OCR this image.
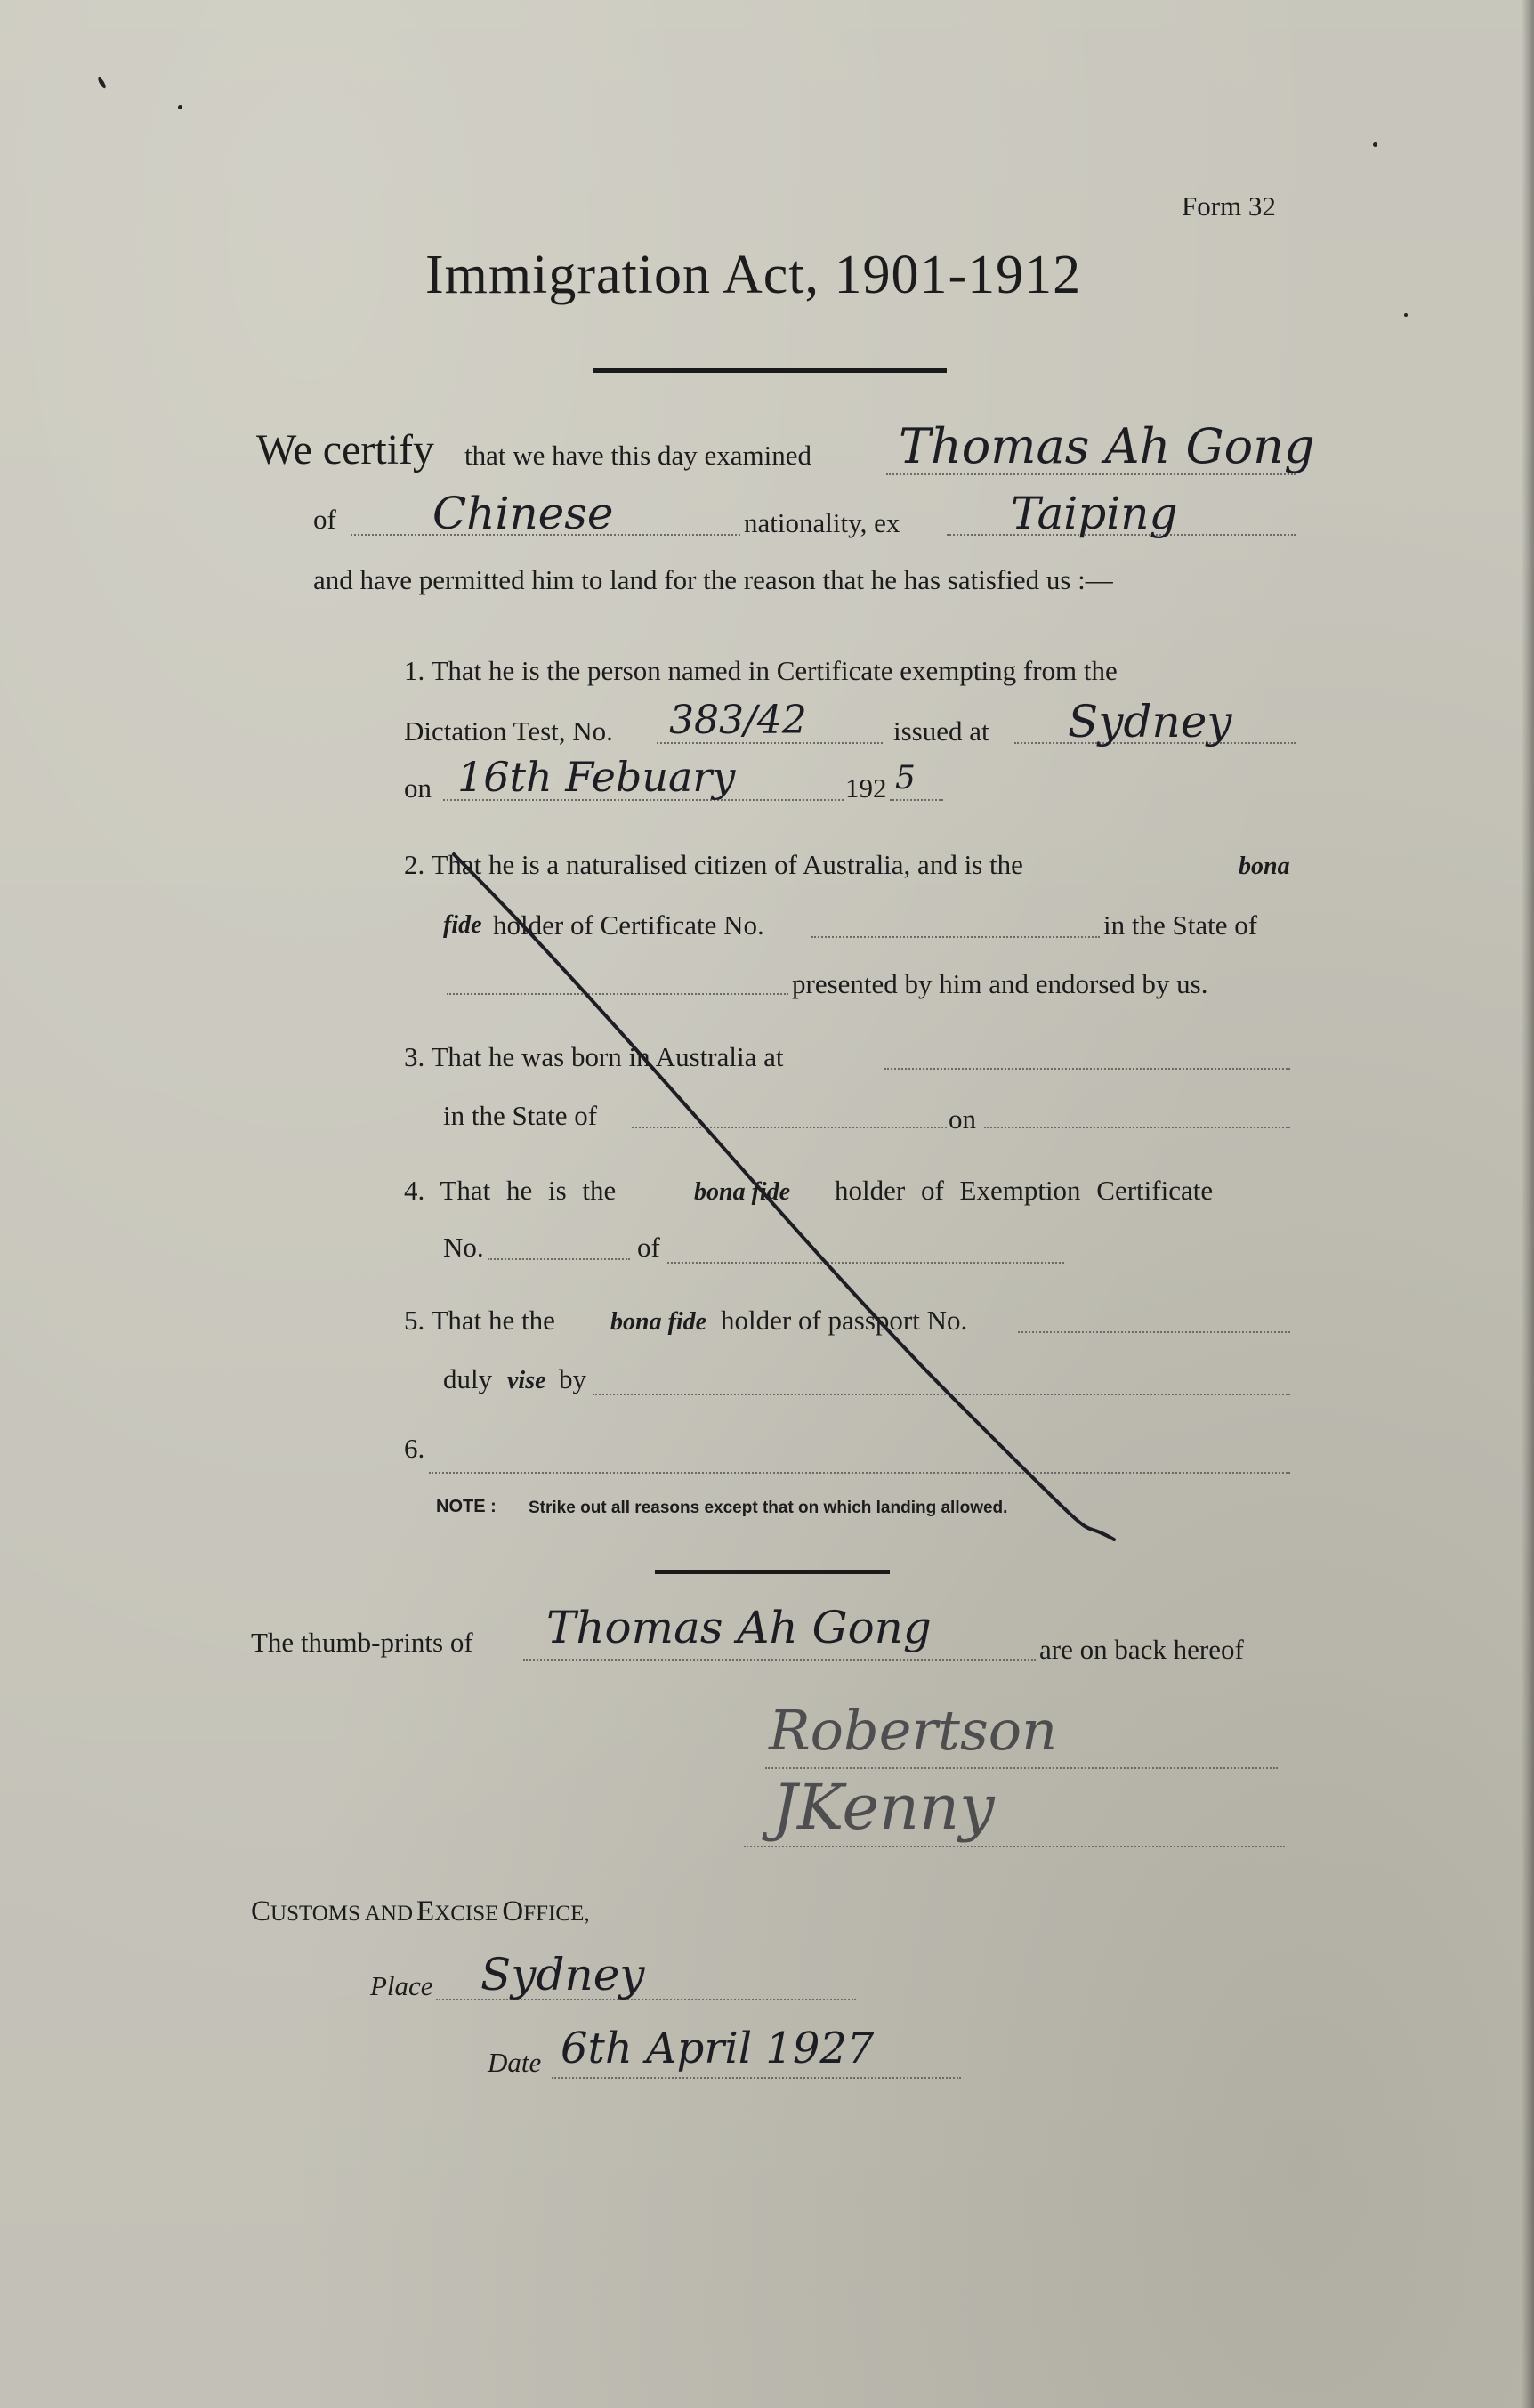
Form 32
Immigration Act, 1901-1912
We certify that we have this day examined Thomas Ah Gong
of Chinese	nationality, ex Taiping
and have permitted him to land for the reason that he has satisfied us :—
1. That he is the person named in Certificate exempting from the
Dictation Test, No. 383/42	issued at Sydney
on 16th Febuary	192 5
2. That he is a naturalised citizen of Australia, and is the	bona
fide holder of Certificate No.	in the State of
presented by him and endorsed by us.
3. That he was born in Australia at
in the State of	on
4. That he is the	bona fide holder of Exemption Certificate
No.	of
5. That he the bona fide holder of passport No.
duly vise by
6.
NOTE : Strike out all reasons except that on which landing allowed.
The thumb-prints of Thomas Ah Gong	are on back hereof
Robertson
JKenny
CUSTOMS AND EXCISE OFFICE,
Place Sydney
Date 6th April 1927
